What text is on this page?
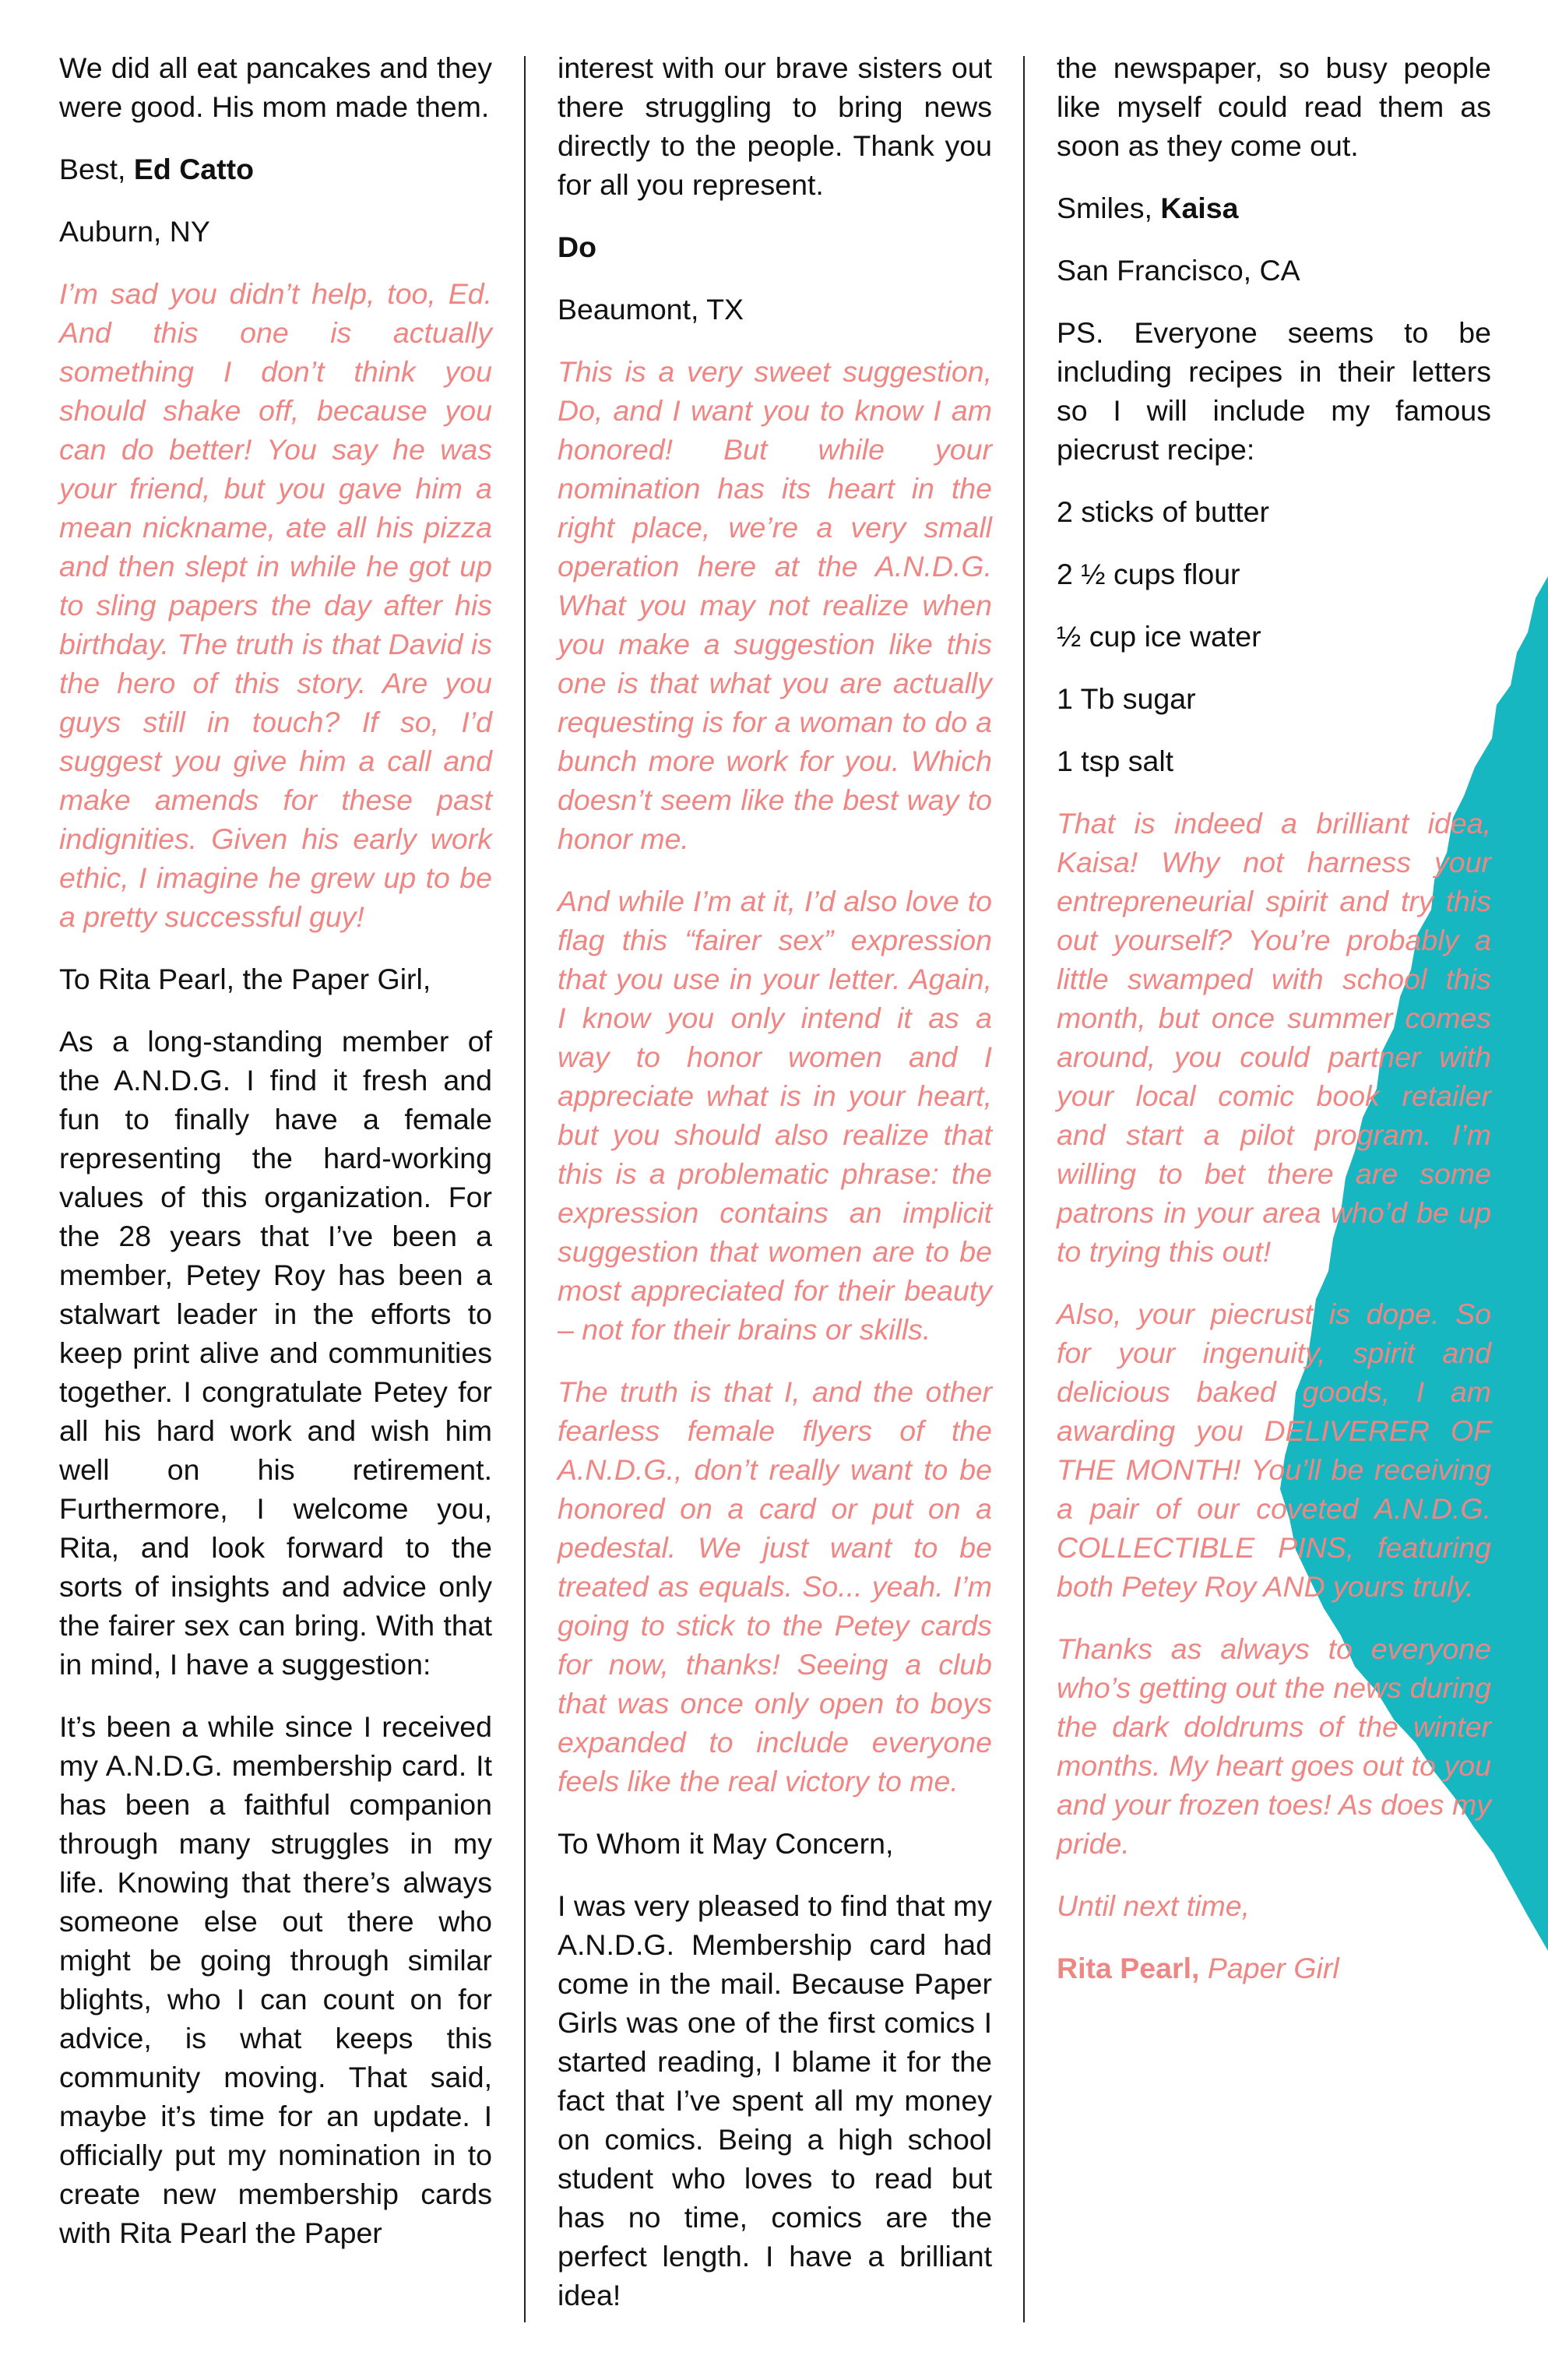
We did all eat pancakes and they were good. His mom made them.

Best, Ed Catto

Auburn, NY

I’m sad you didn’t help, too, Ed. And this one is actually something I don’t think you should shake off, because you can do better! You say he was your friend, but you gave him a mean nickname, ate all his pizza and then slept in while he got up to sling papers the day after his birthday. The truth is that David is the hero of this story. Are you guys still in touch? If so, I’d suggest you give him a call and make amends for these past indignities. Given his early work ethic, I imagine he grew up to be a pretty successful guy!

To Rita Pearl, the Paper Girl,

As a long-standing member of the A.N.D.G. I find it fresh and fun to finally have a female representing the hard-working values of this organization. For the 28 years that I’ve been a member, Petey Roy has been a stalwart leader in the efforts to keep print alive and communities together. I congratulate Petey for all his hard work and wish him well on his retirement. Furthermore, I welcome you, Rita, and look forward to the sorts of insights and advice only the fairer sex can bring. With that in mind, I have a suggestion:

It’s been a while since I received my A.N.D.G. membership card. It has been a faithful companion through many struggles in my life. Knowing that there’s always someone else out there who might be going through similar blights, who I can count on for advice, is what keeps this community moving. That said, maybe it’s time for an update. I officially put my nomination in to create new membership cards with Rita Pearl the Paper

interest with our brave sisters out there struggling to bring news directly to the people. Thank you for all you represent.

Do

Beaumont, TX

This is a very sweet suggestion, Do, and I want you to know I am honored! But while your nomination has its heart in the right place, we’re a very small operation here at the A.N.D.G. What you may not realize when you make a suggestion like this one is that what you are actually requesting is for a woman to do a bunch more work for you. Which doesn’t seem like the best way to honor me.

And while I’m at it, I’d also love to flag this “fairer sex” expression that you use in your letter. Again, I know you only intend it as a way to honor women and I appreciate what is in your heart, but you should also realize that this is a problematic phrase: the expression contains an implicit suggestion that women are to be most appreciated for their beauty – not for their brains or skills.

The truth is that I, and the other fearless female flyers of the A.N.D.G., don’t really want to be honored on a card or put on a pedestal. We just want to be treated as equals. So... yeah. I’m going to stick to the Petey cards for now, thanks! Seeing a club that was once only open to boys expanded to include everyone feels like the real victory to me.

To Whom it May Concern,

I was very pleased to find that my A.N.D.G. Membership card had come in the mail. Because Paper Girls was one of the first comics I started reading, I blame it for the fact that I’ve spent all my money on comics. Being a high school student who loves to read but has no time, comics are the perfect length. I have a brilliant idea!

the newspaper, so busy people like myself could read them as soon as they come out.

Smiles, Kaisa

San Francisco, CA

PS. Everyone seems to be including recipes in their letters so I will include my famous piecrust recipe:

2 sticks of butter

2 ½ cups flour

½ cup ice water

1 Tb sugar

1 tsp salt

That is indeed a brilliant idea, Kaisa! Why not harness your entrepreneurial spirit and try this out yourself? You’re probably a little swamped with school this month, but once summer comes around, you could partner with your local comic book retailer and start a pilot program. I’m willing to bet there are some patrons in your area who’d be up to trying this out!

Also, your piecrust is dope. So for your ingenuity, spirit and delicious baked goods, I am awarding you DELIVERER OF THE MONTH! You’ll be receiving a pair of our coveted A.N.D.G. COLLECTIBLE PINS, featuring both Petey Roy AND yours truly.

Thanks as always to everyone who’s getting out the news during the dark doldrums of the winter months. My heart goes out to you and your frozen toes! As does my pride.

Until next time,

Rita Pearl, Paper Girl
